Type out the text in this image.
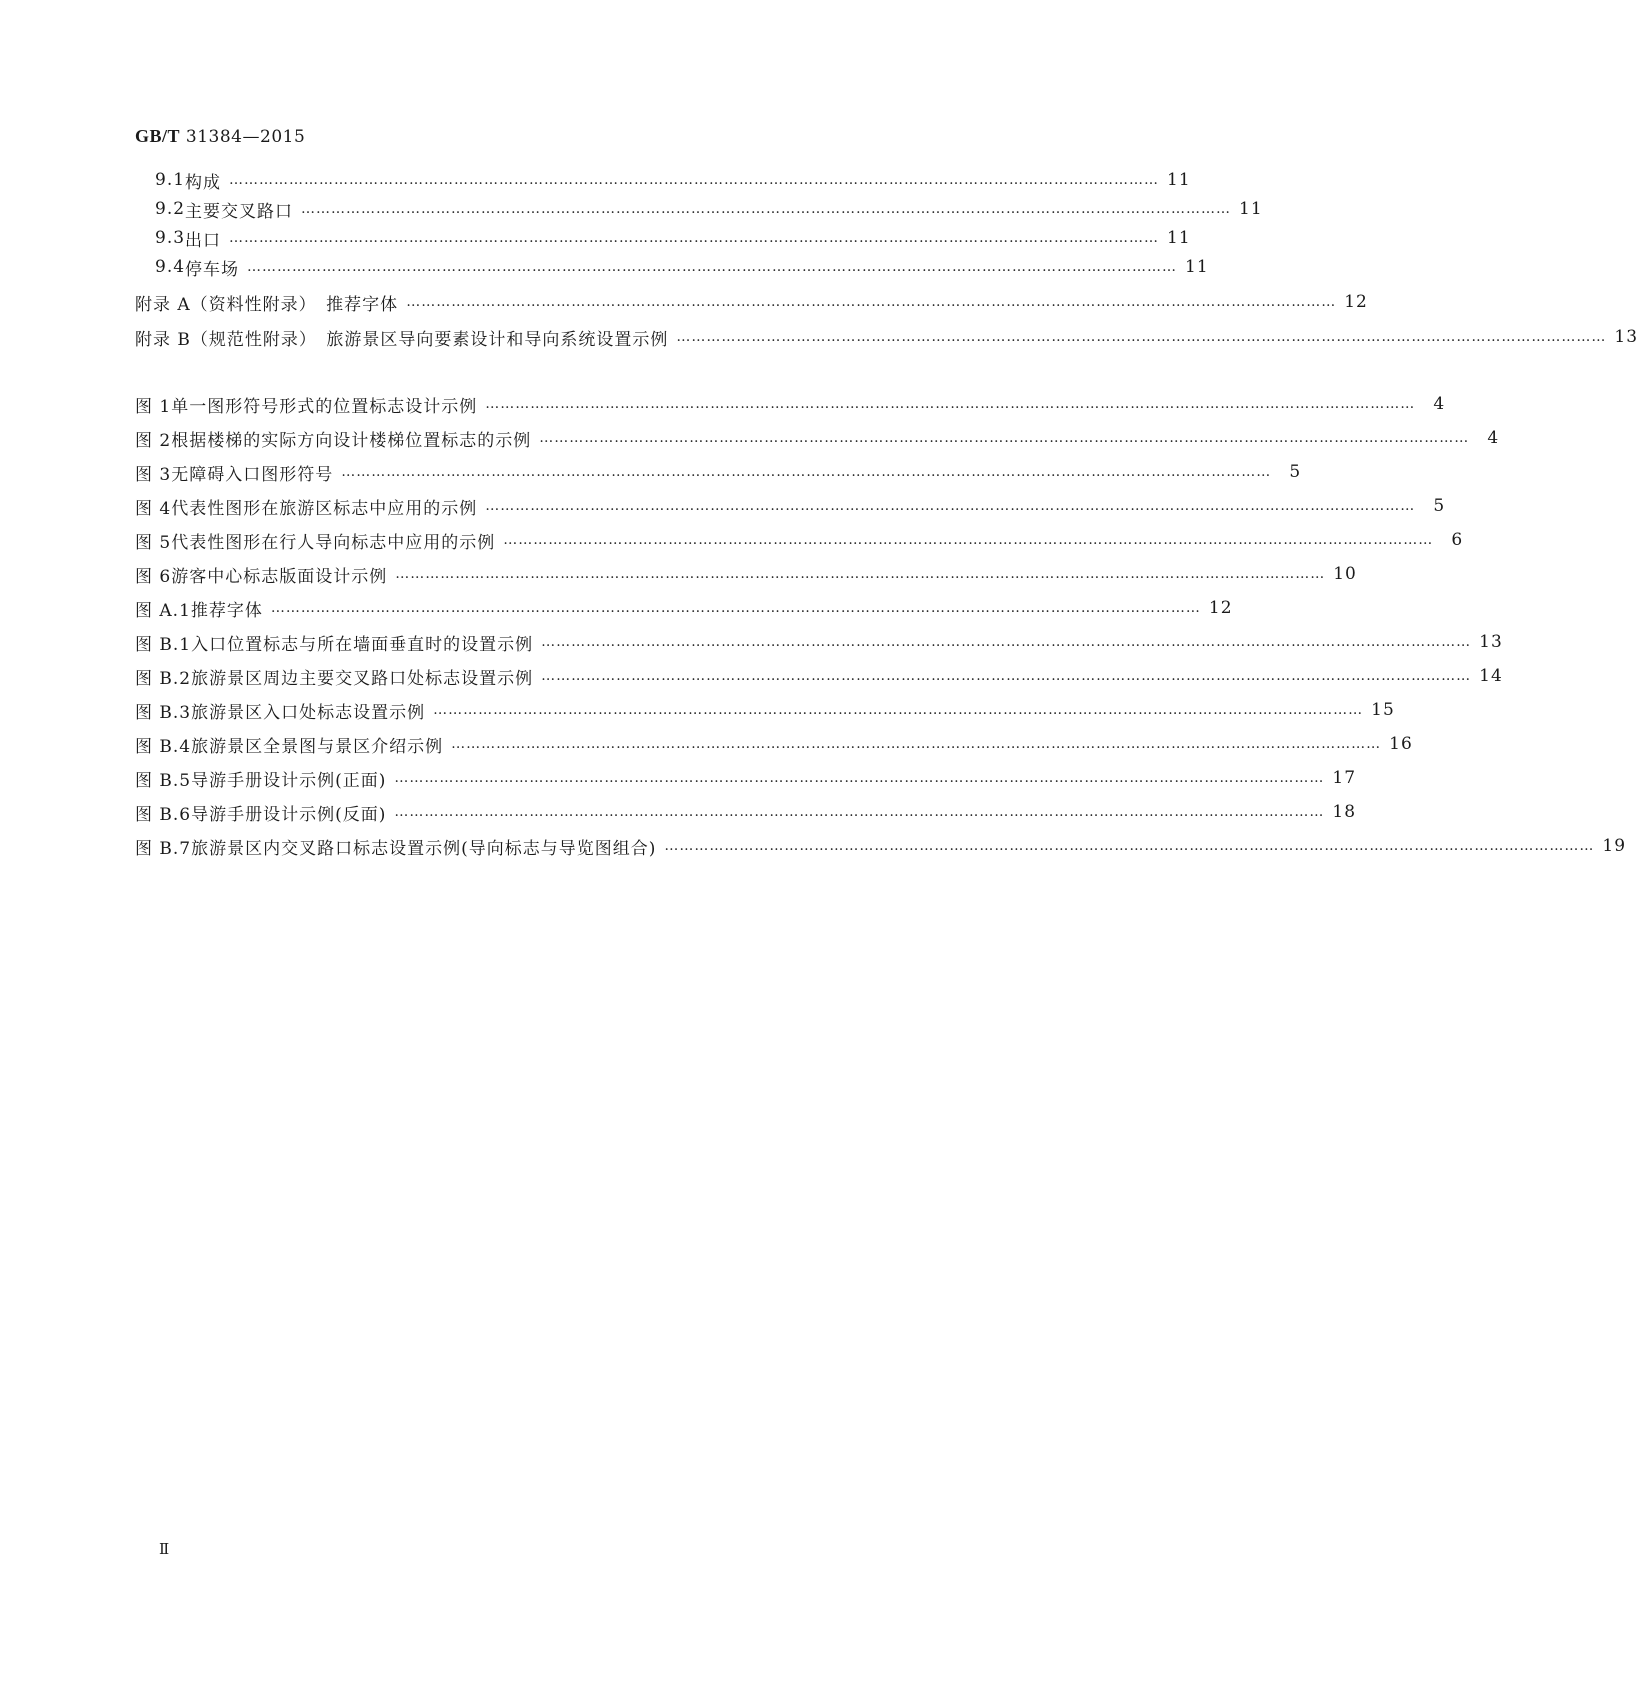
GB/T 31384—2015
9.1 构成 …………………………………………………………………………………………………………………………………………………………………… 11
9.2 主要交叉路口 …………………………………………………………………………………………………………………………………………………………………… 11
9.3 出口 …………………………………………………………………………………………………………………………………………………………………… 11
9.4 停车场 …………………………………………………………………………………………………………………………………………………………………… 11
附录 A（资料性附录）　推荐字体 …………………………………………………………………………………………………………………………………………………………………… 12
附录 B（规范性附录）　旅游景区导向要素设计和导向系统设置示例 …………………………………………………………………………………………………………………………………………………………………… 13
图 1 单一图形符号形式的位置标志设计示例 ……………………………………………………………………………………………………………………………………………………………………	4
图 2 根据楼梯的实际方向设计楼梯位置标志的示例 ……………………………………………………………………………………………………………………………………………………………………	4
图 3 无障碍入口图形符号 ……………………………………………………………………………………………………………………………………………………………………	5
图 4 代表性图形在旅游区标志中应用的示例 ……………………………………………………………………………………………………………………………………………………………………	5
图 5 代表性图形在行人导向标志中应用的示例 ……………………………………………………………………………………………………………………………………………………………………	6
图 6 游客中心标志版面设计示例 …………………………………………………………………………………………………………………………………………………………………… 10
图 A.1 推荐字体 …………………………………………………………………………………………………………………………………………………………………… 12
图 B.1 入口位置标志与所在墙面垂直时的设置示例 …………………………………………………………………………………………………………………………………………………………………… 13
图 B.2 旅游景区周边主要交叉路口处标志设置示例 …………………………………………………………………………………………………………………………………………………………………… 14
图 B.3 旅游景区入口处标志设置示例 …………………………………………………………………………………………………………………………………………………………………… 15
图 B.4 旅游景区全景图与景区介绍示例 …………………………………………………………………………………………………………………………………………………………………… 16
图 B.5 导游手册设计示例(正面) …………………………………………………………………………………………………………………………………………………………………… 17
图 B.6 导游手册设计示例(反面) …………………………………………………………………………………………………………………………………………………………………… 18
图 B.7 旅游景区内交叉路口标志设置示例(导向标志与导览图组合) …………………………………………………………………………………………………………………………………………………………………… 19
Ⅱ
